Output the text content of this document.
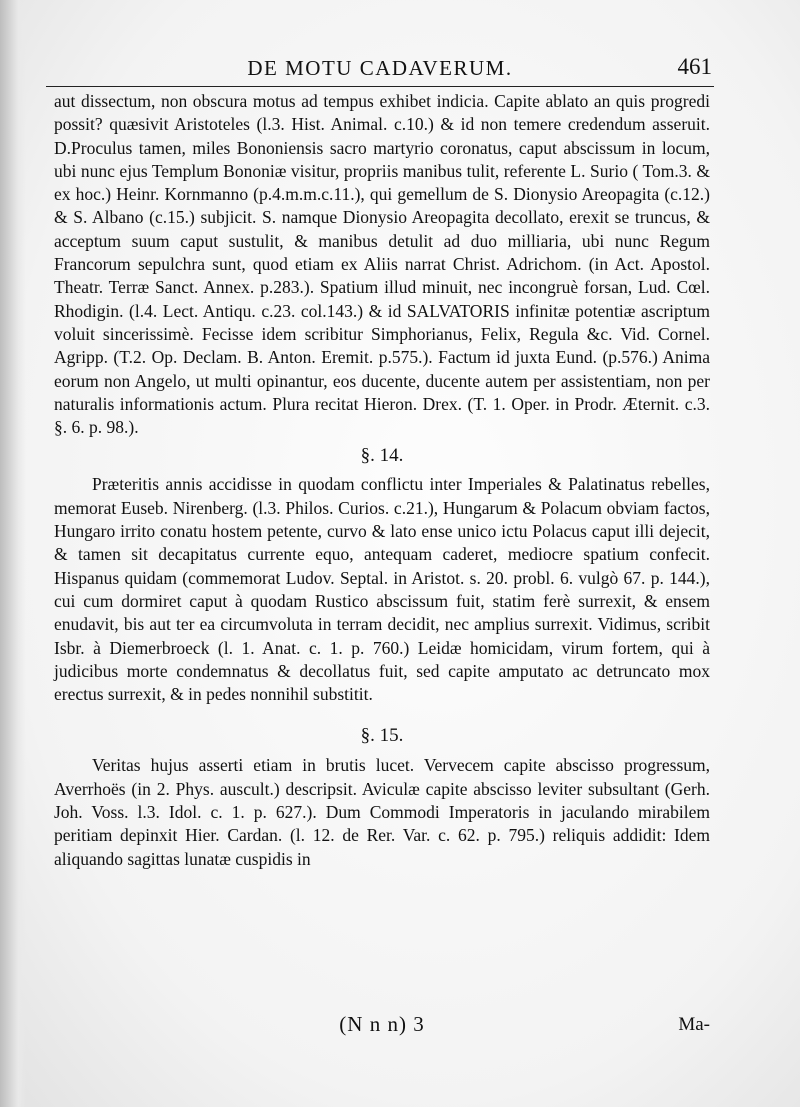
DE MOTU CADAVERUM.	461

aut dissectum, non obscura motus ad tempus exhibet indicia. Capite ablato an quis progredi possit? quæsivit Aristoteles (l.3. Hist. Animal. c.10.) & id non temere credendum asseruit. D.Proculus tamen, miles Bononiensis sacro martyrio coronatus, caput abscissum in locum, ubi nunc ejus Templum Bononiæ visitur, propriis manibus tulit, referente L. Surio ( Tom.3. & ex hoc.) Heinr. Kornmanno (p.4.m.m.c.11.), qui gemellum de S. Dionysio Areopagita (c.12.) & S. Albano (c.15.) subjicit. S. namque Dionysio Areopagita decollato, erexit se truncus, & acceptum suum caput sustulit, & manibus detulit ad duo milliaria, ubi nunc Regum Francorum sepulchra sunt, quod etiam ex Aliis narrat Christ. Adrichom. (in Act. Apostol. Theatr. Terræ Sanct. Annex. p.283.). Spatium illud minuit, nec incongruè forsan, Lud. Cœl. Rhodigin. (l.4. Lect. Antiqu. c.23. col.143.) & id SALVATORIS infinitæ potentiæ ascriptum voluit sincerissimè. Fecisse idem scribitur Simphorianus, Felix, Regula &c. Vid. Cornel. Agripp. (T.2. Op. Declam. B. Anton. Eremit. p.575.). Factum id juxta Eund. (p.576.) Anima eorum non Angelo, ut multi opinantur, eos ducente, ducente autem per assistentiam, non per naturalis informationis actum. Plura recitat Hieron. Drex. (T. 1. Oper. in Prodr. Æternit. c.3. §. 6. p. 98.).

§. 14.

Præteritis annis accidisse in quodam conflictu inter Imperiales & Palatinatus rebelles, memorat Euseb. Nirenberg. (l.3. Philos. Curios. c.21.), Hungarum & Polacum obviam factos, Hungaro irrito conatu hostem petente, curvo & lato ense unico ictu Polacus caput illi dejecit, & tamen sit decapitatus currente equo, antequam caderet, mediocre spatium confecit. Hispanus quidam (commemorat Ludov. Septal. in Aristot. s. 20. probl. 6. vulgò 67. p. 144.), cui cum dormiret caput à quodam Rustico abscissum fuit, statim ferè surrexit, & ensem enudavit, bis aut ter ea circumvoluta in terram decidit, nec amplius surrexit. Vidimus, scribit Isbr. à Diemerbroeck (l. 1. Anat. c. 1. p. 760.) Leidæ homicidam, virum fortem, qui à judicibus morte condemnatus & decollatus fuit, sed capite amputato ac detruncato mox erectus surrexit, & in pedes nonnihil substitit.

§. 15.

Veritas hujus asserti etiam in brutis lucet. Vervecem capite abscisso progressum, Averrhoës (in 2. Phys. auscult.) descripsit. Aviculæ capite abscisso leviter subsultant (Gerh. Joh. Voss. l.3. Idol. c. 1. p. 627.). Dum Commodi Imperatoris in jaculando mirabilem peritiam depinxit Hier. Cardan. (l. 12. de Rer. Var. c. 62. p. 795.) reliquis addidit: Idem aliquando sagittas lunatæ cuspidis in

(N n n) 3	Ma-
